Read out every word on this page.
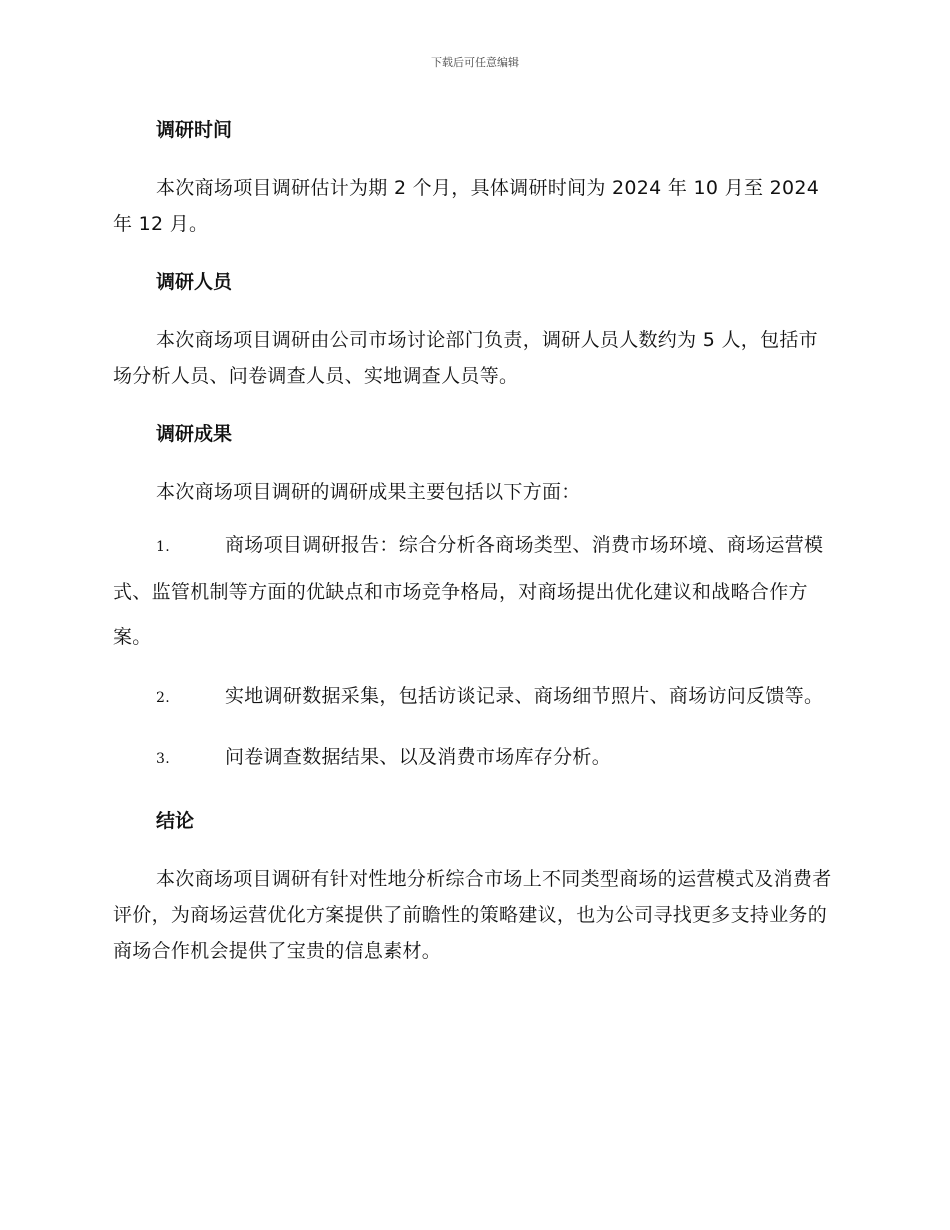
下载后可任意编辑
调研时间

本次商场项目调研估计为期 2 个月，具体调研时间为 2024 年 10 月至 2024 年 12 月。

调研人员

本次商场项目调研由公司市场讨论部门负责，调研人员人数约为 5 人，包括市场分析人员、问卷调查人员、实地调查人员等。

调研成果

本次商场项目调研的调研成果主要包括以下方面：

1.	商场项目调研报告：综合分析各商场类型、消费市场环境、商场运营模式、监管机制等方面的优缺点和市场竞争格局，对商场提出优化建议和战略合作方案。

2.	实地调研数据采集，包括访谈记录、商场细节照片、商场访问反馈等。

3.	问卷调查数据结果、以及消费市场库存分析。

结论

本次商场项目调研有针对性地分析综合市场上不同类型商场的运营模式及消费者评价，为商场运营优化方案提供了前瞻性的策略建议，也为公司寻找更多支持业务的商场合作机会提供了宝贵的信息素材。
